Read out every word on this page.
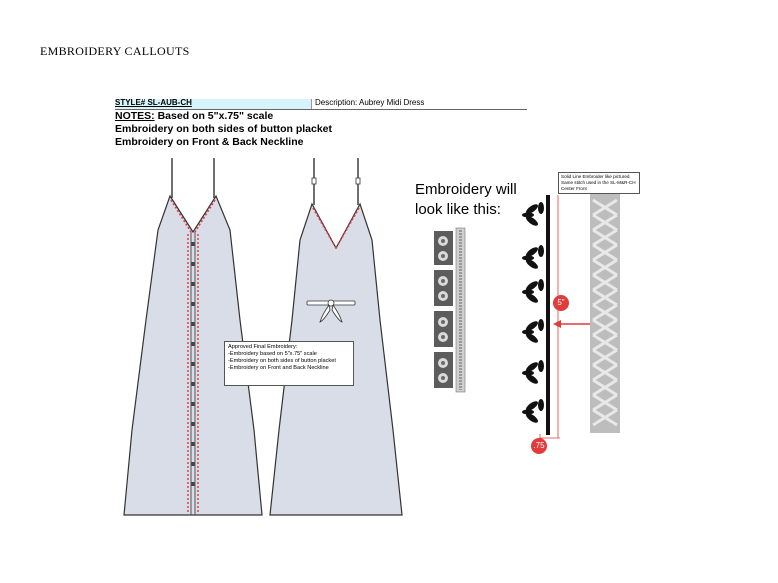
EMBROIDERY CALLOUTS
STYLE# SL-AUB-CH	Description: Aubrey Midi Dress
NOTES: Based on 5"x.75" scale
Embroidery on both sides of button placket
Embroidery on Front & Back Neckline
Approved Final Embroidery:
-Embroidery based on 5"x.75" scale
-Embroidery on both sides of button placket
-Embroidery on Front and Back Neckline
Embroidery will
look like this:
Solid Line Embroider like pictured. Same stitch used in the SL-M&R-CH Center Front
5"
.75
